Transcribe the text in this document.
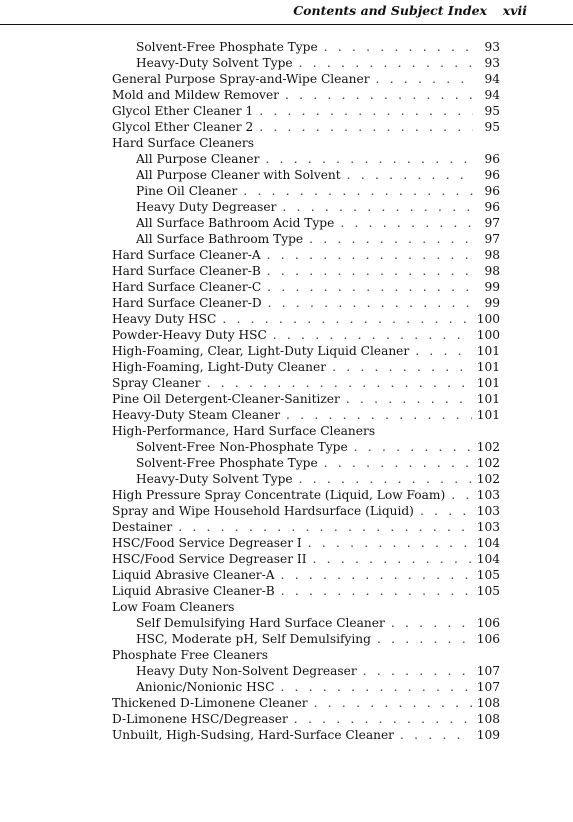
Contents and Subject Index xvii
Solvent-Free Phosphate Type . . .	93
Heavy-Duty Solvent Type . . .	93
General Purpose Spray-and-Wipe Cleaner . . .	94
Mold and Mildew Remover . . .	94
Glycol Ether Cleaner 1 . . .	95
Glycol Ether Cleaner 2 . . .	95
Hard Surface Cleaners
All Purpose Cleaner . . .	96
All Purpose Cleaner with Solvent . . .	96
Pine Oil Cleaner . . .	96
Heavy Duty Degreaser . . .	96
All Surface Bathroom Acid Type . . .	97
All Surface Bathroom Type . . .	97
Hard Surface Cleaner-A . . .	98
Hard Surface Cleaner-B . . .	98
Hard Surface Cleaner-C . . .	99
Hard Surface Cleaner-D . . .	99
Heavy Duty HSC . . .	100
Powder-Heavy Duty HSC . . .	100
High-Foaming, Clear, Light-Duty Liquid Cleaner . . .	101
High-Foaming, Light-Duty Cleaner . . .	101
Spray Cleaner . . .	101
Pine Oil Detergent-Cleaner-Sanitizer . . .	101
Heavy-Duty Steam Cleaner . . .	101
High-Performance, Hard Surface Cleaners
Solvent-Free Non-Phosphate Type . . .	102
Solvent-Free Phosphate Type . . .	102
Heavy-Duty Solvent Type . . .	102
High Pressure Spray Concentrate (Liquid, Low Foam) . . .	103
Spray and Wipe Household Hardsurface (Liquid) . . .	103
Destainer . . .	103
HSC/Food Service Degreaser I . . .	104
HSC/Food Service Degreaser II . . .	104
Liquid Abrasive Cleaner-A . . .	105
Liquid Abrasive Cleaner-B . . .	105
Low Foam Cleaners
Self Demulsifying Hard Surface Cleaner . . .	106
HSC, Moderate pH, Self Demulsifying . . .	106
Phosphate Free Cleaners
Heavy Duty Non-Solvent Degreaser . . .	107
Anionic/Nonionic HSC . . .	107
Thickened D-Limonene Cleaner . . .	108
D-Limonene HSC/Degreaser . . .	108
Unbuilt, High-Sudsing, Hard-Surface Cleaner . . .	109
